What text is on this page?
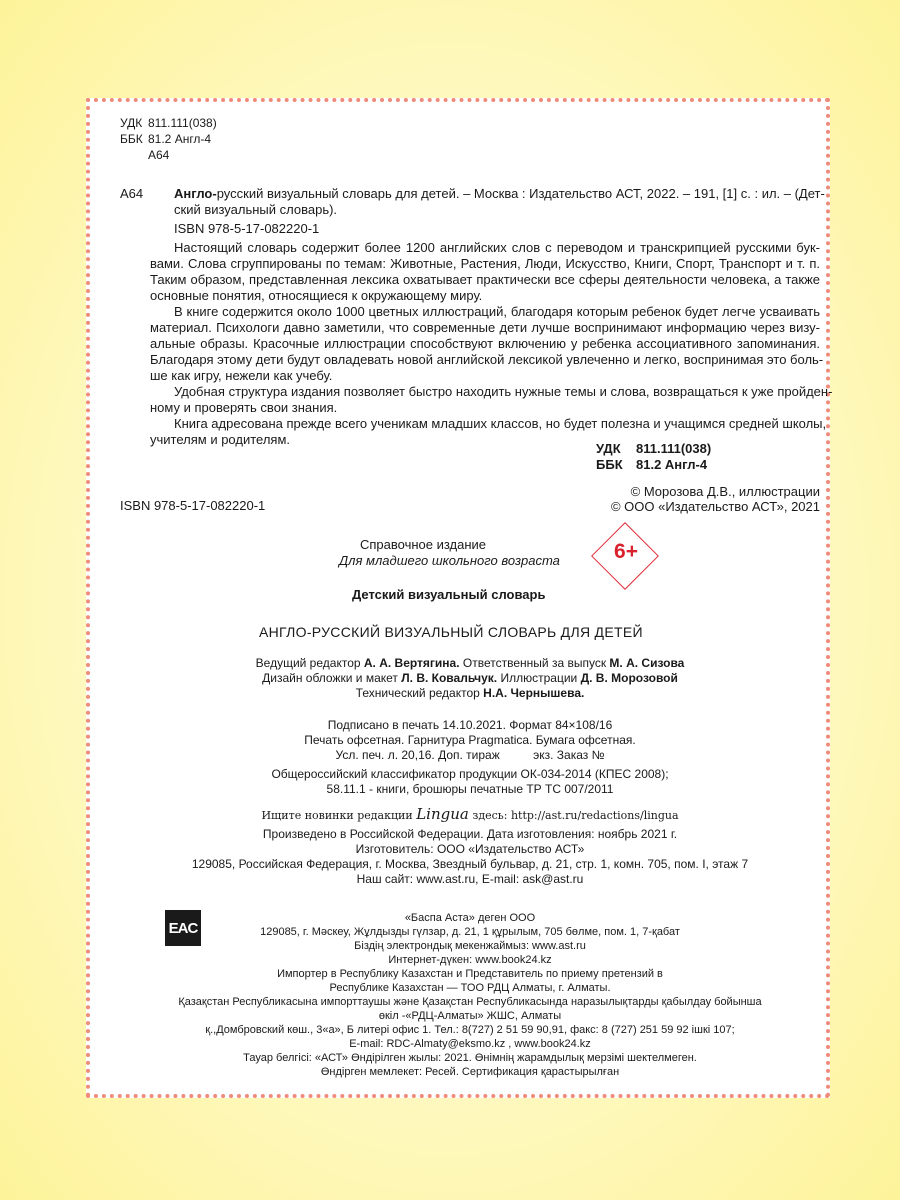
УДК 811.111(038)
ББК 81.2 Англ-4
А64
А64 Англо-русский визуальный словарь для детей. – Москва : Издательство АСТ, 2022. – 191, [1] с. : ил. – (Дет-
ский визуальный словарь).
ISBN 978-5-17-082220-1
Настоящий словарь содержит более 1200 английских слов с переводом и транскрипцией русскими бук-
вами. Слова сгруппированы по темам: Животные, Растения, Люди, Искусство, Книги, Спорт, Транспорт и т. п.
Таким образом, представленная лексика охватывает практически все сферы деятельности человека, а также
основные понятия, относящиеся к окружающему миру.
В книге содержится около 1000 цветных иллюстраций, благодаря которым ребенок будет легче усваивать
материал. Психологи давно заметили, что современные дети лучше воспринимают информацию через визу-
альные образы. Красочные иллюстрации способствуют включению у ребенка ассоциативного запоминания.
Благодаря этому дети будут овладевать новой английской лексикой увлеченно и легко, воспринимая это боль-
ше как игру, нежели как учебу.
Удобная структура издания позволяет быстро находить нужные темы и слова, возвращаться к уже пройден-
ному и проверять свои знания.
Книга адресована прежде всего ученикам младших классов, но будет полезна и учащимся средней школы,
учителям и родителям.
УДК 811.111(038)
ББК 81.2 Англ-4
ISBN 978-5-17-082220-1
© Морозова Д.В., иллюстрации
© ООО «Издательство АСТ», 2021
Справочное издание
Для младшего школьного возраста	6+
Детский визуальный словарь
АНГЛО-РУССКИЙ ВИЗУАЛЬНЫЙ СЛОВАРЬ ДЛЯ ДЕТЕЙ
Ведущий редактор А. А. Вертягина. Ответственный за выпуск М. А. Сизова
Дизайн обложки и макет Л. В. Ковальчук. Иллюстрации Д. В. Морозовой
Технический редактор Н.А. Чернышева.
Подписано в печать 14.10.2021. Формат 84×108/16
Печать офсетная. Гарнитура Pragmatica. Бумага офсетная.
Усл. печ. л. 20,16. Доп. тираж          экз. Заказ №
Общероссийский классификатор продукции ОК-034-2014 (КПЕС 2008);
58.11.1 - книги, брошюры печатные ТР ТС 007/2011
Ищите новинки редакции Lingua здесь: http://ast.ru/redactions/lingua
Произведено в Российской Федерации. Дата изготовления: ноябрь 2021 г.
Изготовитель: ООО «Издательство АСТ»
129085, Российская Федерация, г. Москва, Звездный бульвар, д. 21, стр. 1, комн. 705, пом. I, этаж 7
Наш сайт: www.ast.ru, E-mail: ask@ast.ru
EAC
«Баспа Аста» деген ООО
129085, г. Мәскеу, Жұлдызды гүлзар, д. 21, 1 құрылым, 705 бөлме, пом. 1, 7-қабат
Біздің электрондық мекенжаймыз: www.ast.ru
Интернет-дүкен: www.book24.kz
Импортер в Республику Казахстан и Представитель по приему претензий в
Республике Казахстан — ТОО РДЦ Алматы, г. Алматы.
Қазақстан Республикасына импорттаушы және Қазақстан Республикасында наразылықтарды қабылдау бойынша
өкіл -«РДЦ-Алматы» ЖШС, Алматы
қ.,Домбровский көш., 3«а», Б литері офис 1. Тел.: 8(727) 2 51 59 90,91, факс: 8 (727) 251 59 92 ішкі 107;
E-mail: RDC-Almaty@eksmo.kz , www.book24.kz
Тауар белгісі: «АСТ» Өндірілген жылы: 2021. Өнімнің жарамдылық мерзімі шектелмеген.
Өндірген мемлекет: Ресей. Сертификация қарастырылған
